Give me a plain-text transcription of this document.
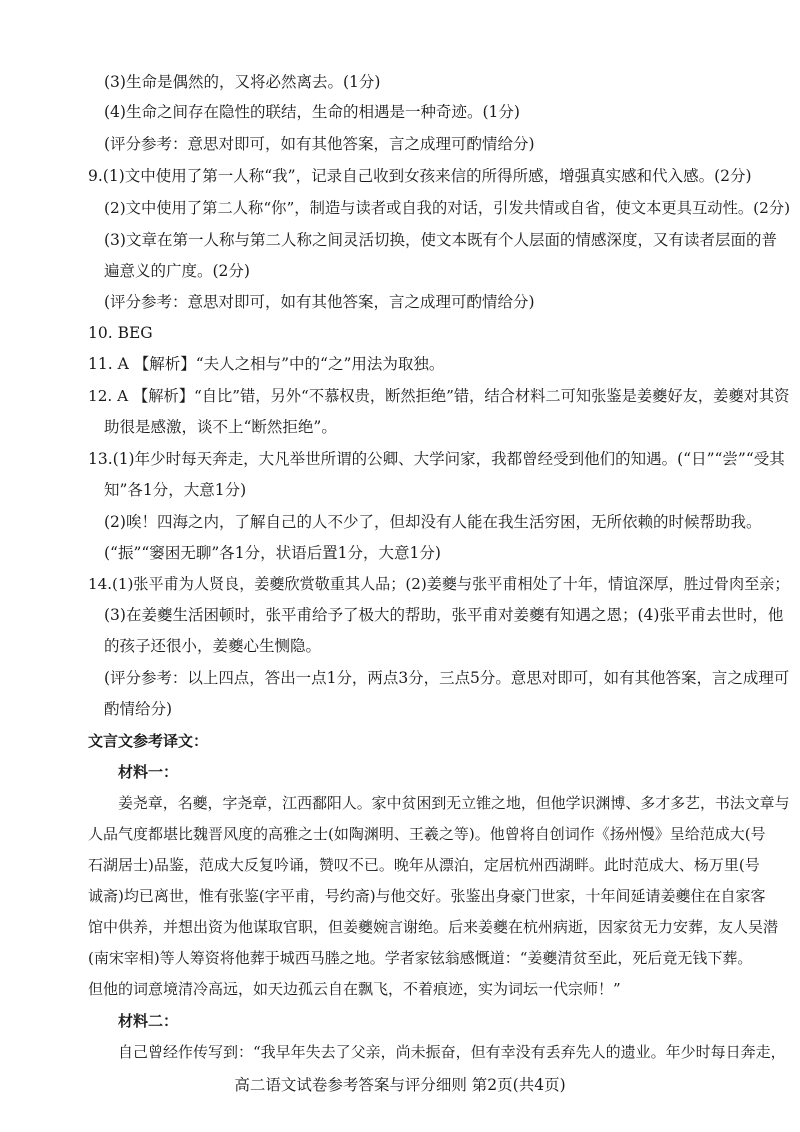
(3)生命是偶然的，又将必然离去。(1分)
(4)生命之间存在隐性的联结，生命的相遇是一种奇迹。(1分)
(评分参考：意思对即可，如有其他答案，言之成理可酌情给分)
9.(1)文中使用了第一人称“我”，记录自己收到女孩来信的所得所感，增强真实感和代入感。(2分)
(2)文中使用了第二人称“你”，制造与读者或自我的对话，引发共情或自省，使文本更具互动性。(2分)
(3)文章在第一人称与第二人称之间灵活切换，使文本既有个人层面的情感深度，又有读者层面的普
遍意义的广度。(2分)
(评分参考：意思对即可，如有其他答案，言之成理可酌情给分)
10. BEG
11. A 【解析】“夫人之相与”中的“之”用法为取独。
12. A 【解析】“自比”错，另外“不慕权贵，断然拒绝”错，结合材料二可知张鉴是姜夔好友，姜夔对其资
助很是感激，谈不上“断然拒绝”。
13.(1)年少时每天奔走，大凡举世所谓的公卿、大学问家，我都曾经受到他们的知遇。(“日”“尝”“受其
知”各1分，大意1分)
(2)唉！四海之内，了解自己的人不少了，但却没有人能在我生活穷困，无所依赖的时候帮助我。
(“振”“窭困无聊”各1分，状语后置1分，大意1分)
14.(1)张平甫为人贤良，姜夔欣赏敬重其人品；(2)姜夔与张平甫相处了十年，情谊深厚，胜过骨肉至亲；
(3)在姜夔生活困顿时，张平甫给予了极大的帮助，张平甫对姜夔有知遇之恩；(4)张平甫去世时，他
的孩子还很小，姜夔心生恻隐。
(评分参考：以上四点，答出一点1分，两点3分，三点5分。意思对即可，如有其他答案，言之成理可
酌情给分)
文言文参考译文：
材料一：
姜尧章，名夔，字尧章，江西鄱阳人。家中贫困到无立锥之地，但他学识渊博、多才多艺，书法文章与
人品气度都堪比魏晋风度的高雅之士(如陶渊明、王羲之等)。他曾将自创词作《扬州慢》呈给范成大(号
石湖居士)品鉴，范成大反复吟诵，赞叹不已。晚年从漂泊，定居杭州西湖畔。此时范成大、杨万里(号
诚斋)均已离世，惟有张鉴(字平甫，号约斋)与他交好。张鉴出身豪门世家，十年间延请姜夔住在自家客
馆中供养，并想出资为他谋取官职，但姜夔婉言谢绝。后来姜夔在杭州病逝，因家贫无力安葬，友人吴潜
(南宋宰相)等人筹资将他葬于城西马塍之地。学者家铉翁感慨道：“姜夔清贫至此，死后竟无钱下葬。
但他的词意境清冷高远，如天边孤云自在飘飞，不着痕迹，实为词坛一代宗师！”
材料二：
自己曾经作传写到：“我早年失去了父亲，尚未振奋，但有幸没有丢弃先人的遗业。年少时每日奔走，
高二语文试卷参考答案与评分细则 第2页(共4页)
